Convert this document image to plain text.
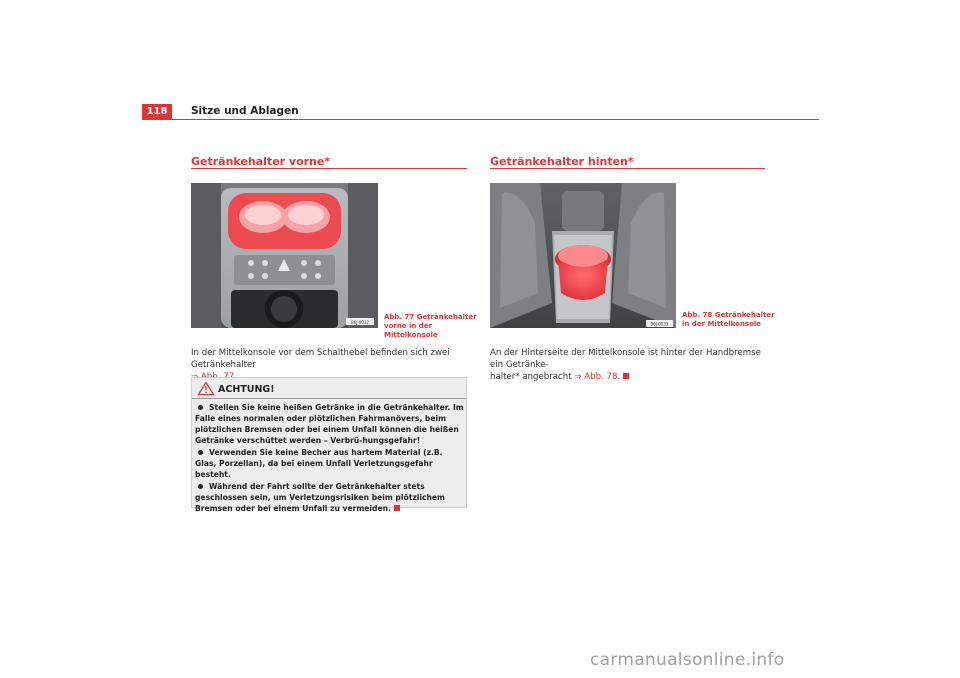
118	Sitze und Ablagen
Getränkehalter vorne*
B6J-0032
Abb. 77 Getränkehalter
vorne in der Mittelkonsole
In der Mittelkonsole vor dem Schalthebel befinden sich zwei Getränkehalter
ACHTUNG!

Stellen Sie keine heißen Getränke in die Getränkehalter. Im Falle eines normalen oder plötzlichen Fahrmanövers, beim plötzlichen Bremsen oder bei einem Unfall können die heißen Getränke verschüttet werden – Verbrü-hungsgefahr!

Verwenden Sie keine Becher aus hartem Material (z.B. Glas, Porzellan), da bei einem Unfall Verletzungsgefahr besteht.

Während der Fahrt sollte der Getränkehalter stets geschlossen sein, um Verletzungsrisiken beim plötzlichem Bremsen oder bei einem Unfall zu vermeiden.

Getränkehalter hinten*
B6J-0033
Abb. 78 Getränkehalter
in der Mittelkonsole
An der Hinterseite der Mittelkonsole ist hinter der Handbremse ein Getränke-
halter* angebracht ⇒ Abb. 78.
carmanualsonline.info
